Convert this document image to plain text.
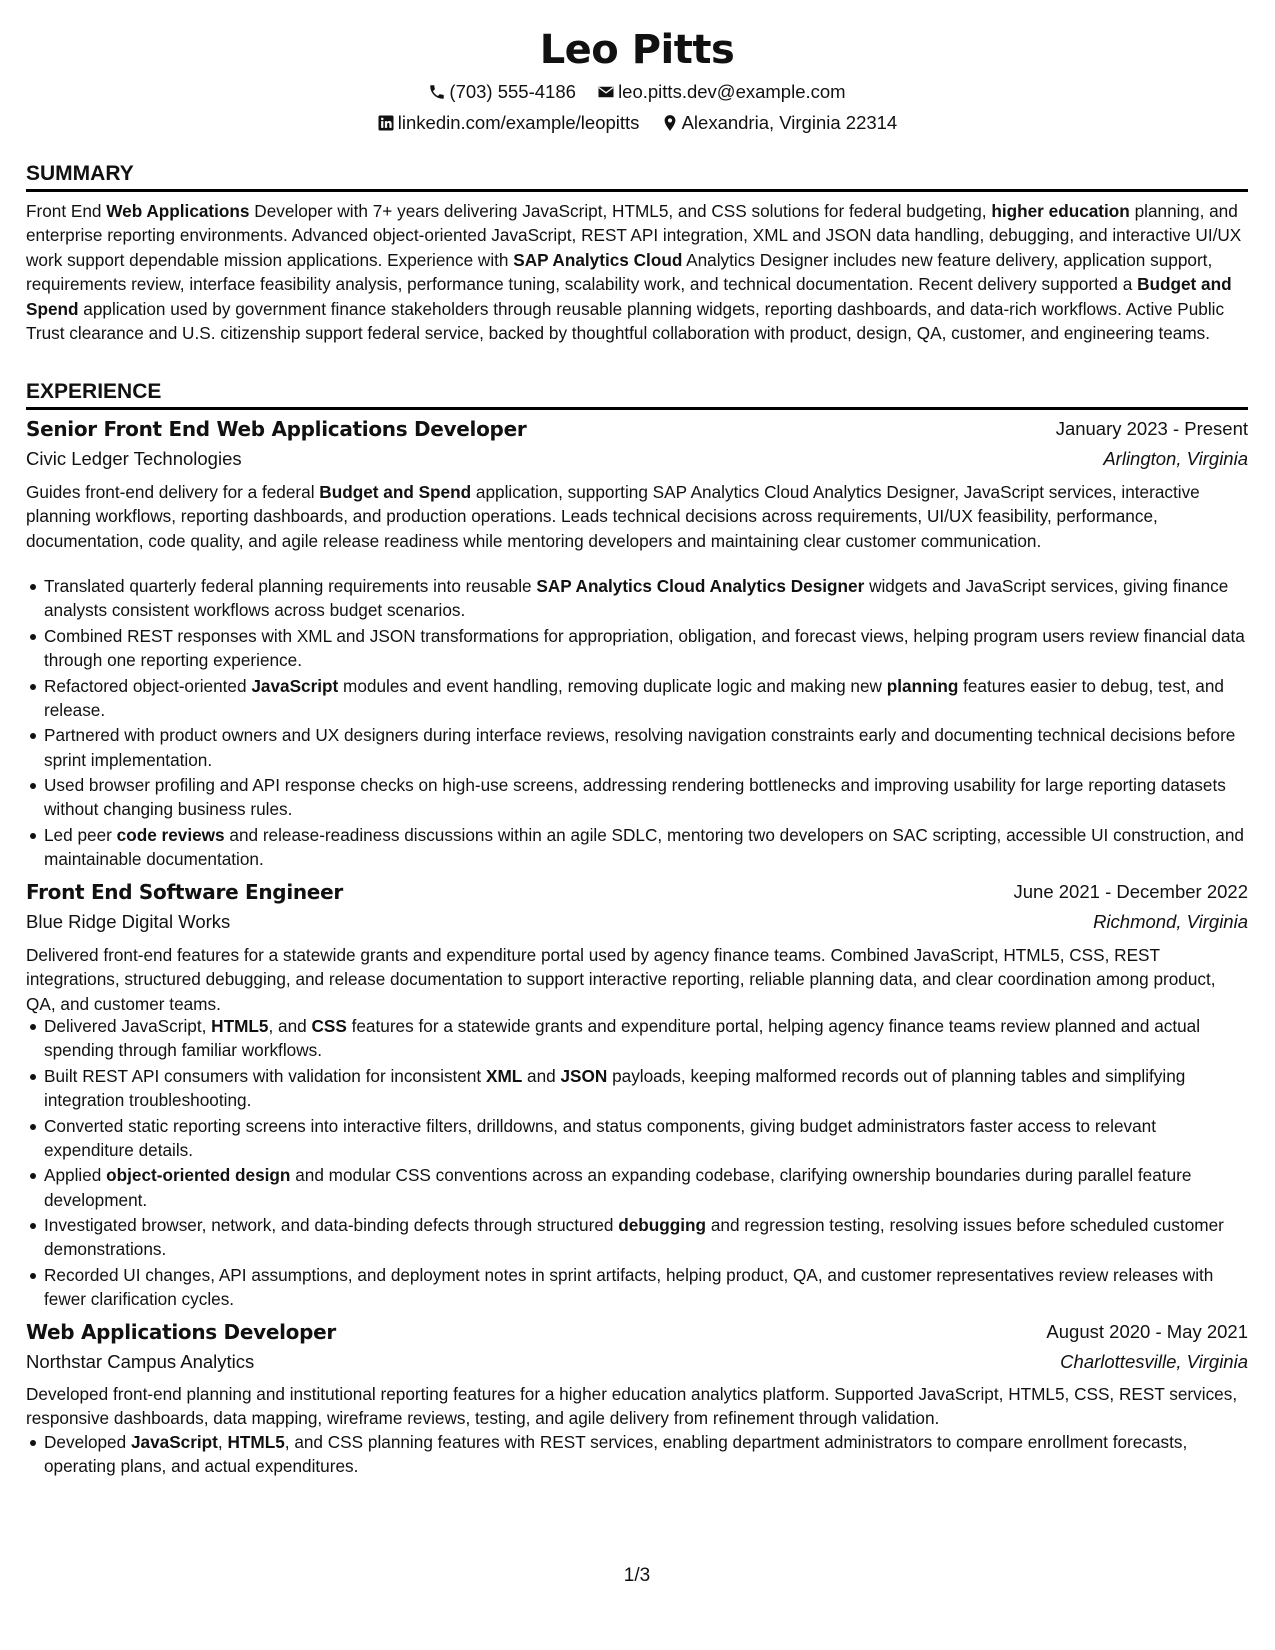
Leo Pitts
(703) 555-4186 leo.pitts.dev@example.com
linkedin.com/example/leopitts Alexandria, Virginia 22314
SUMMARY
Front End Web Applications Developer with 7+ years delivering JavaScript, HTML5, and CSS solutions for federal budgeting, higher education planning, and enterprise reporting environments. Advanced object-oriented JavaScript, REST API integration, XML and JSON data handling, debugging, and interactive UI/UX work support dependable mission applications. Experience with SAP Analytics Cloud Analytics Designer includes new feature delivery, application support, requirements review, interface feasibility analysis, performance tuning, scalability work, and technical documentation. Recent delivery supported a Budget and Spend application used by government finance stakeholders through reusable planning widgets, reporting dashboards, and data-rich workflows. Active Public Trust clearance and U.S. citizenship support federal service, backed by thoughtful collaboration with product, design, QA, customer, and engineering teams.
EXPERIENCE
Senior Front End Web Applications Developer	January 2023 - Present
Civic Ledger Technologies	Arlington, Virginia
Guides front-end delivery for a federal Budget and Spend application, supporting SAP Analytics Cloud Analytics Designer, JavaScript services, interactive planning workflows, reporting dashboards, and production operations. Leads technical decisions across requirements, UI/UX feasibility, performance, documentation, code quality, and agile release readiness while mentoring developers and maintaining clear customer communication.
Translated quarterly federal planning requirements into reusable SAP Analytics Cloud Analytics Designer widgets and JavaScript services, giving finance analysts consistent workflows across budget scenarios.
Combined REST responses with XML and JSON transformations for appropriation, obligation, and forecast views, helping program users review financial data through one reporting experience.
Refactored object-oriented JavaScript modules and event handling, removing duplicate logic and making new planning features easier to debug, test, and release.
Partnered with product owners and UX designers during interface reviews, resolving navigation constraints early and documenting technical decisions before sprint implementation.
Used browser profiling and API response checks on high-use screens, addressing rendering bottlenecks and improving usability for large reporting datasets without changing business rules.
Led peer code reviews and release-readiness discussions within an agile SDLC, mentoring two developers on SAC scripting, accessible UI construction, and maintainable documentation.
Front End Software Engineer	June 2021 - December 2022
Blue Ridge Digital Works	Richmond, Virginia
Delivered front-end features for a statewide grants and expenditure portal used by agency finance teams. Combined JavaScript, HTML5, CSS, REST integrations, structured debugging, and release documentation to support interactive reporting, reliable planning data, and clear coordination among product, QA, and customer teams.
Delivered JavaScript, HTML5, and CSS features for a statewide grants and expenditure portal, helping agency finance teams review planned and actual spending through familiar workflows.
Built REST API consumers with validation for inconsistent XML and JSON payloads, keeping malformed records out of planning tables and simplifying integration troubleshooting.
Converted static reporting screens into interactive filters, drilldowns, and status components, giving budget administrators faster access to relevant expenditure details.
Applied object-oriented design and modular CSS conventions across an expanding codebase, clarifying ownership boundaries during parallel feature development.
Investigated browser, network, and data-binding defects through structured debugging and regression testing, resolving issues before scheduled customer demonstrations.
Recorded UI changes, API assumptions, and deployment notes in sprint artifacts, helping product, QA, and customer representatives review releases with fewer clarification cycles.
Web Applications Developer	August 2020 - May 2021
Northstar Campus Analytics	Charlottesville, Virginia
Developed front-end planning and institutional reporting features for a higher education analytics platform. Supported JavaScript, HTML5, CSS, REST services, responsive dashboards, data mapping, wireframe reviews, testing, and agile delivery from refinement through validation.
Developed JavaScript, HTML5, and CSS planning features with REST services, enabling department administrators to compare enrollment forecasts, operating plans, and actual expenditures.
1/3
